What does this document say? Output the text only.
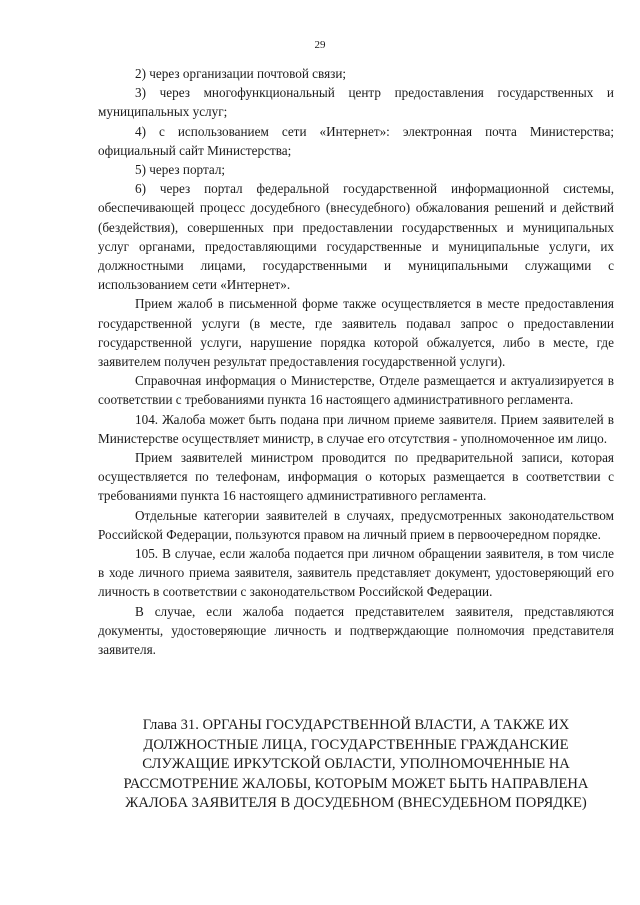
29

2) через организации почтовой связи;

3) через многофункциональный центр предоставления государственных и муниципальных услуг;

4) с использованием сети «Интернет»: электронная почта Министерства; официальный сайт Министерства;

5) через портал;

6) через портал федеральной государственной информационной системы, обеспечивающей процесс досудебного (внесудебного) обжалования решений и действий (бездействия), совершенных при предоставлении государственных и муниципальных услуг органами, предоставляющими государственные и муниципальные услуги, их должностными лицами, государственными и муниципальными служащими с использованием сети «Интернет».

Прием жалоб в письменной форме также осуществляется в месте предоставления государственной услуги (в месте, где заявитель подавал запрос о предоставлении государственной услуги, нарушение порядка которой обжалуется, либо в месте, где заявителем получен результат предоставления государственной услуги).

Справочная информация о Министерстве, Отделе размещается и актуализируется в соответствии с требованиями пункта 16 настоящего административного регламента.

104. Жалоба может быть подана при личном приеме заявителя. Прием заявителей в Министерстве осуществляет министр, в случае его отсутствия - уполномоченное им лицо.

Прием заявителей министром проводится по предварительной записи, которая осуществляется по телефонам, информация о которых размещается в соответствии с требованиями пункта 16 настоящего административного регламента.

Отдельные категории заявителей в случаях, предусмотренных законодательством Российской Федерации, пользуются правом на личный прием в первоочередном порядке.

105. В случае, если жалоба подается при личном обращении заявителя, в том числе в ходе личного приема заявителя, заявитель представляет документ, удостоверяющий его личность в соответствии с законодательством Российской Федерации.

В случае, если жалоба подается представителем заявителя, представляются документы, удостоверяющие личность и подтверждающие полномочия представителя заявителя.

Глава 31. ОРГАНЫ ГОСУДАРСТВЕННОЙ ВЛАСТИ, А ТАКЖЕ ИХ
ДОЛЖНОСТНЫЕ ЛИЦА, ГОСУДАРСТВЕННЫЕ ГРАЖДАНСКИЕ
СЛУЖАЩИЕ ИРКУТСКОЙ ОБЛАСТИ, УПОЛНОМОЧЕННЫЕ НА
РАССМОТРЕНИЕ ЖАЛОБЫ, КОТОРЫМ МОЖЕТ БЫТЬ НАПРАВЛЕНА
ЖАЛОБА ЗАЯВИТЕЛЯ В ДОСУДЕБНОМ (ВНЕСУДЕБНОМ ПОРЯДКЕ)
